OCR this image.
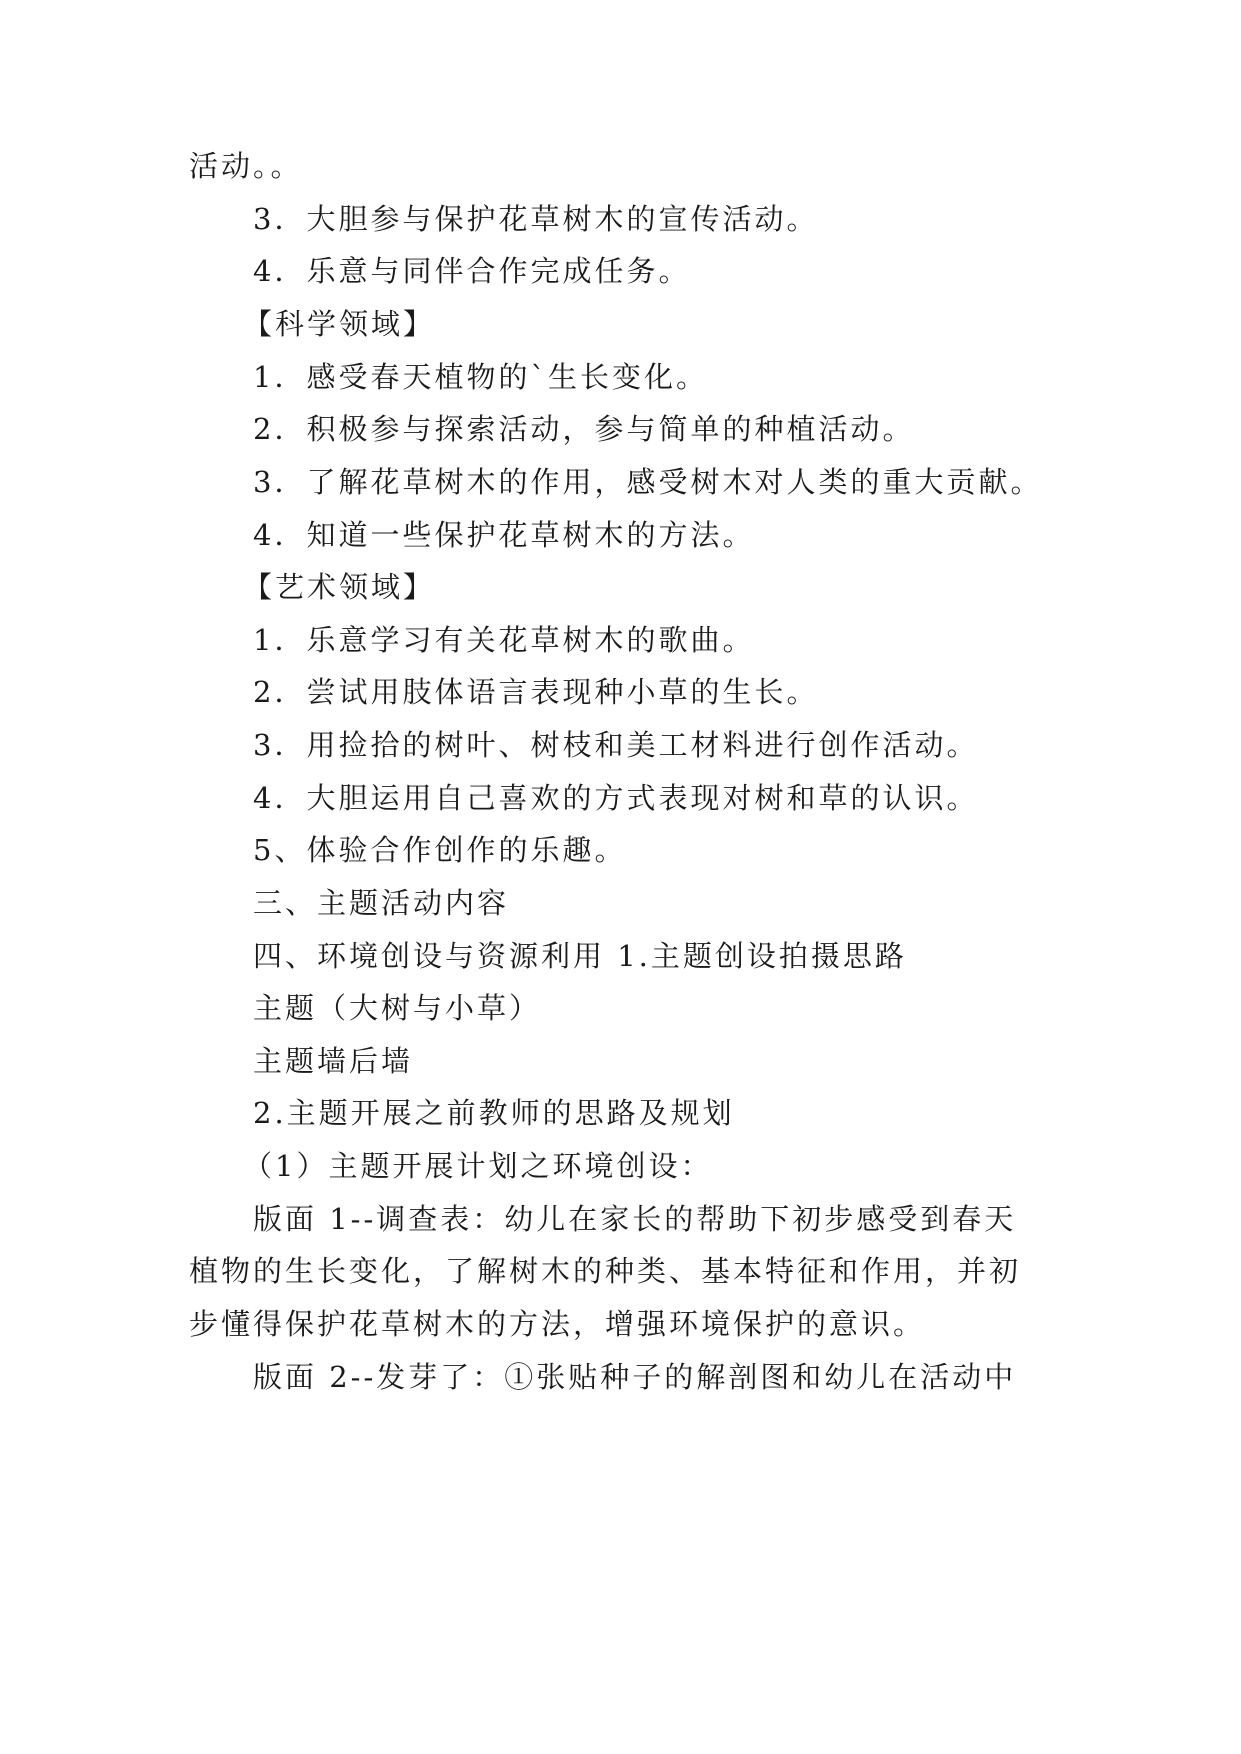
活动。。
3．大胆参与保护花草树木的宣传活动。
4．乐意与同伴合作完成任务。
【科学领域】
1．感受春天植物的`生长变化。
2．积极参与探索活动，参与简单的种植活动。
3．了解花草树木的作用，感受树木对人类的重大贡献。
4．知道一些保护花草树木的方法。
【艺术领域】
1．乐意学习有关花草树木的歌曲。
2．尝试用肢体语言表现种小草的生长。
3．用捡拾的树叶、树枝和美工材料进行创作活动。
4．大胆运用自己喜欢的方式表现对树和草的认识。
5、体验合作创作的乐趣。
三、主题活动内容
四、环境创设与资源利用 1.主题创设拍摄思路
主题（大树与小草）
主题墙后墙
2.主题开展之前教师的思路及规划
（1）主题开展计划之环境创设：
版面 1--调查表：幼儿在家长的帮助下初步感受到春天
植物的生长变化，了解树木的种类、基本特征和作用，并初
步懂得保护花草树木的方法，增强环境保护的意识。
版面 2--发芽了：①张贴种子的解剖图和幼儿在活动中
